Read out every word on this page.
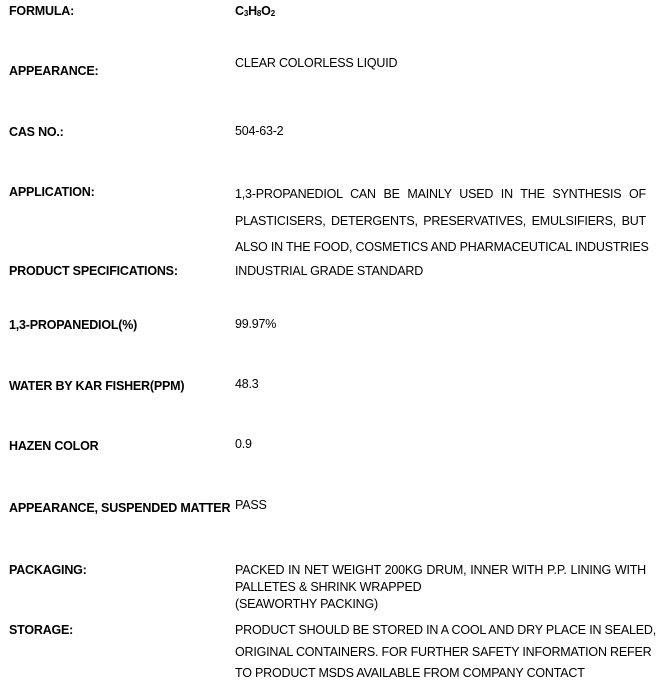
FORMULA:	$C_3H_8O_2$
APPEARANCE:
CLEAR COLORLESS LIQUID
CAS NO.:	504-63-2
APPLICATION:	1,3-PROPANEDIOL CAN BE MAINLY USED IN THE SYNTHESIS OF
PLASTICISERS, DETERGENTS, PRESERVATIVES, EMULSIFIERS, BUT
ALSO IN THE FOOD, COSMETICS AND PHARMACEUTICAL INDUSTRIES
PRODUCT SPECIFICATIONS:	INDUSTRIAL GRADE STANDARD
1,3-PROPANEDIOL(%)	99.97%
WATER BY KAR FISHER(PPM)	48.3
HAZEN COLOR	0.9
APPEARANCE, SUSPENDED MATTER PASS
PACKAGING:	PACKED IN NET WEIGHT 200KG DRUM, INNER WITH P.P. LINING WITH
PALLETES & SHRINK WRAPPED
(SEAWORTHY PACKING)
STORAGE:	PRODUCT SHOULD BE STORED IN A COOL AND DRY PLACE IN SEALED,
ORIGINAL CONTAINERS. FOR FURTHER SAFETY INFORMATION REFER
TO PRODUCT MSDS AVAILABLE FROM COMPANY CONTACT
